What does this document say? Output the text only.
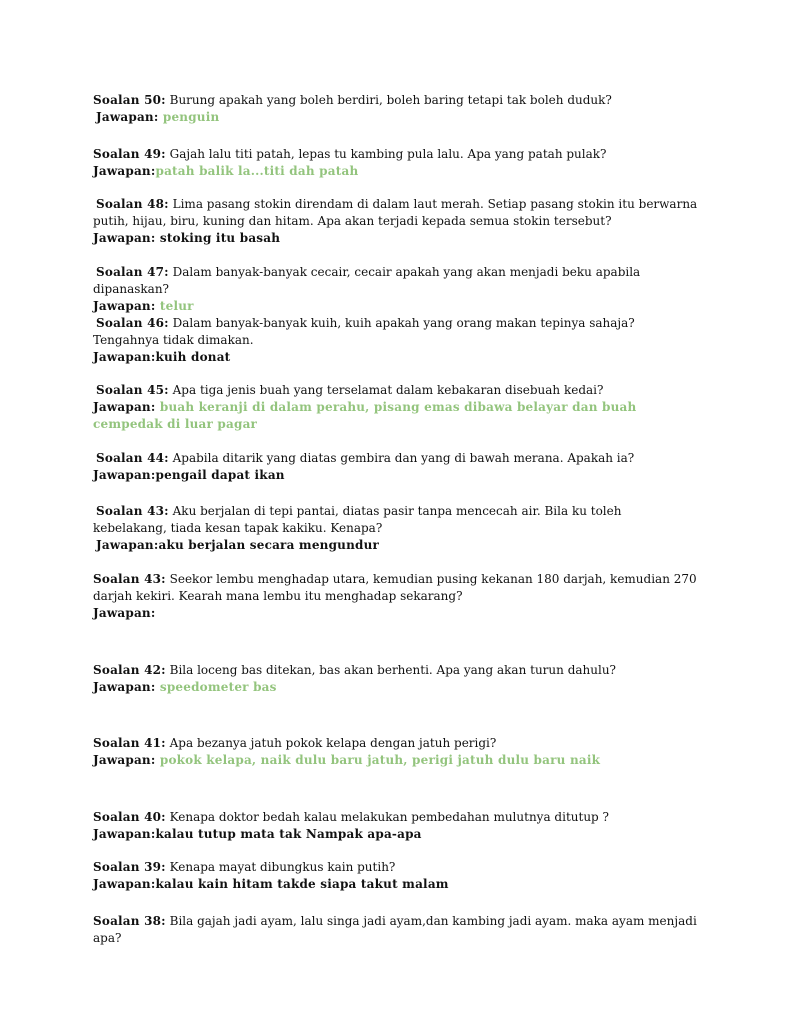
Soalan 50: Burung apakah yang boleh berdiri, boleh baring tetapi tak boleh duduk?

Jawapan: penguin

Soalan 49: Gajah lalu titi patah, lepas tu kambing pula lalu. Apa yang patah pulak?

Jawapan:patah balik la...titi dah patah

Soalan 48: Lima pasang stokin direndam di dalam laut merah. Setiap pasang stokin itu berwarna putih, hijau, biru, kuning dan hitam. Apa akan terjadi kepada semua stokin tersebut?

Jawapan: stoking itu basah

Soalan 47: Dalam banyak-banyak cecair, cecair apakah yang akan menjadi beku apabila dipanaskan?

Jawapan: telur

Soalan 46: Dalam banyak-banyak kuih, kuih apakah yang orang makan tepinya sahaja? Tengahnya tidak dimakan.

Jawapan:kuih donat

Soalan 45: Apa tiga jenis buah yang terselamat dalam kebakaran disebuah kedai?

Jawapan: buah keranji di dalam perahu, pisang emas dibawa belayar dan buah cempedak di luar pagar

Soalan 44: Apabila ditarik yang diatas gembira dan yang di bawah merana. Apakah ia?

Jawapan:pengail dapat ikan

Soalan 43: Aku berjalan di tepi pantai, diatas pasir tanpa mencecah air. Bila ku toleh kebelakang, tiada kesan tapak kakiku. Kenapa?

Jawapan:aku berjalan secara mengundur

Soalan 43: Seekor lembu menghadap utara, kemudian pusing kekanan 180 darjah, kemudian 270 darjah kekiri. Kearah mana lembu itu menghadap sekarang?

Jawapan:

Soalan 42: Bila loceng bas ditekan, bas akan berhenti. Apa yang akan turun dahulu?

Jawapan: speedometer bas

Soalan 41: Apa bezanya jatuh pokok kelapa dengan jatuh perigi?

Jawapan: pokok kelapa, naik dulu baru jatuh, perigi jatuh dulu baru naik

Soalan 40: Kenapa doktor bedah kalau melakukan pembedahan mulutnya ditutup ?

Jawapan:kalau tutup mata tak Nampak apa-apa

Soalan 39: Kenapa mayat dibungkus kain putih?

Jawapan:kalau kain hitam takde siapa takut malam

Soalan 38: Bila gajah jadi ayam, lalu singa jadi ayam,dan kambing jadi ayam. maka ayam menjadi apa?
